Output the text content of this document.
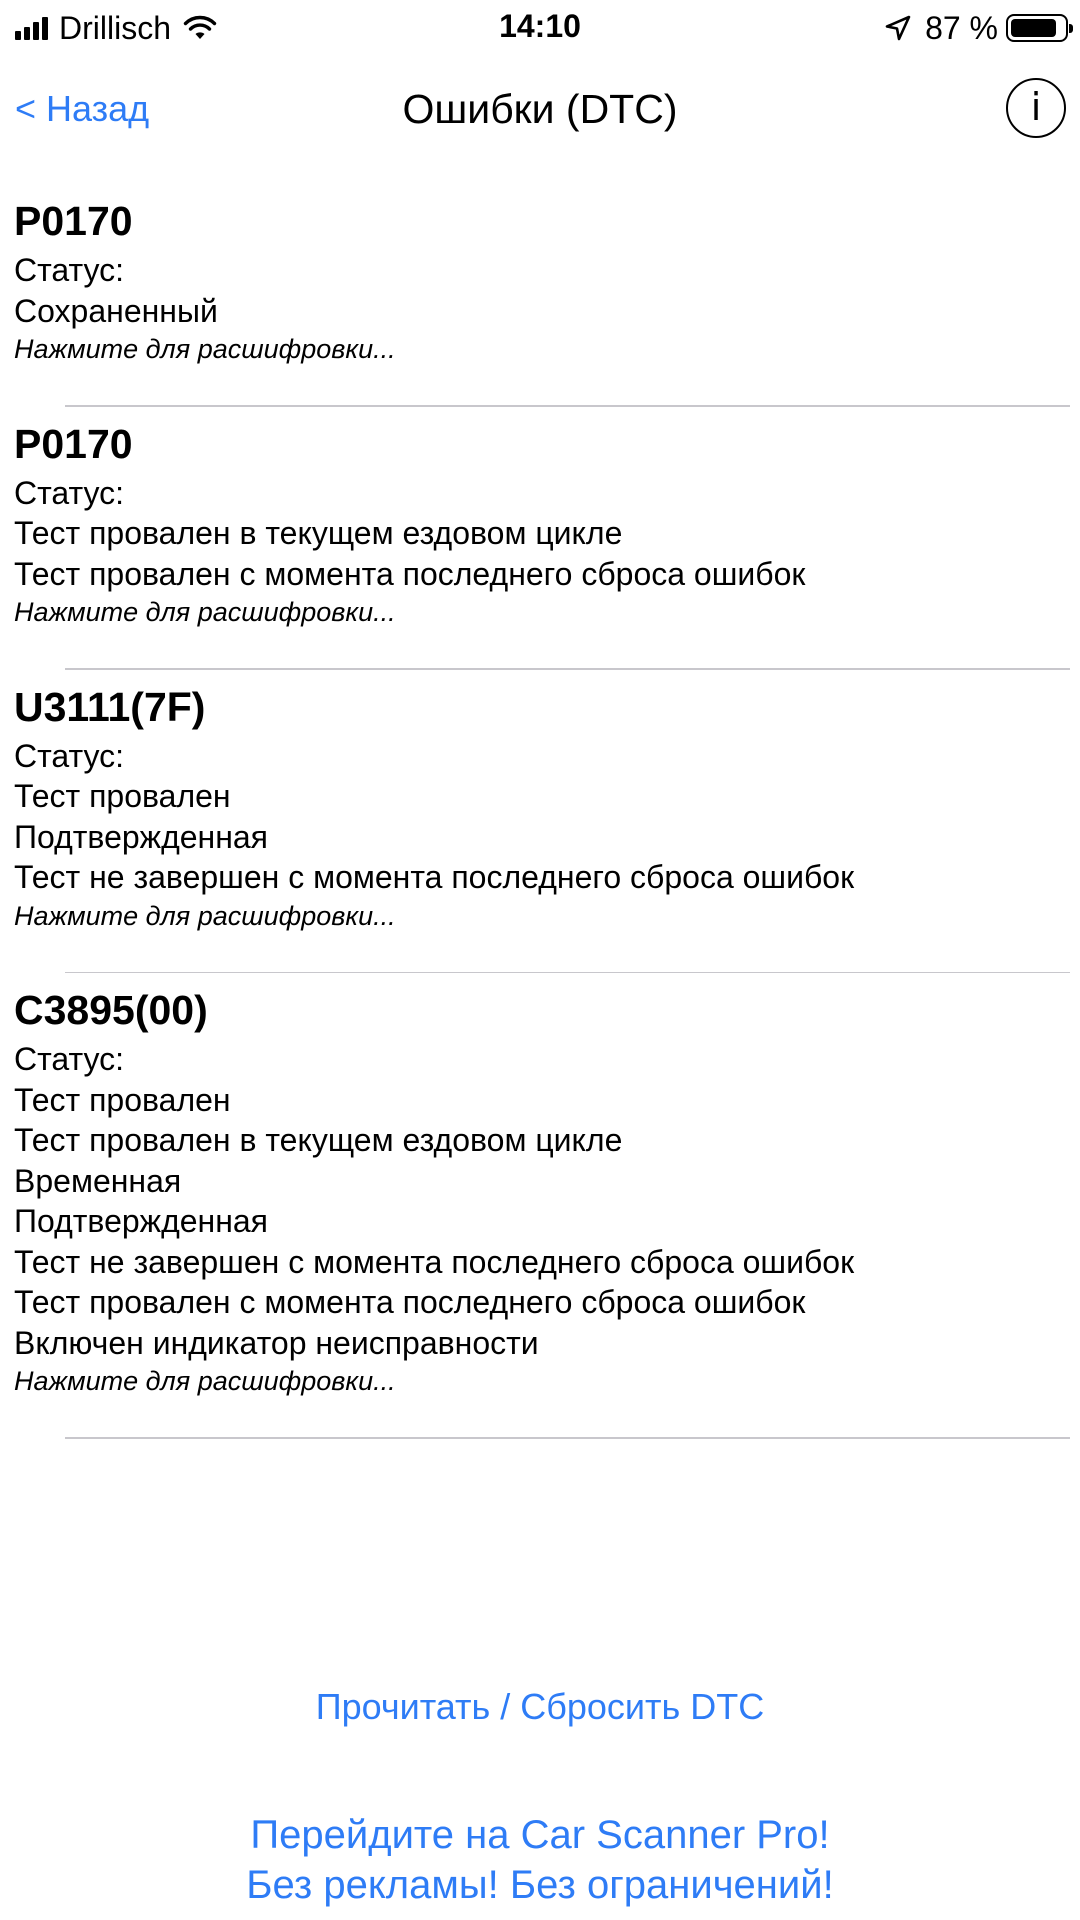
Drillisch	14:10	87 %
< Назад	Ошибки (DTC)	i
P0170
Статус:
Сохраненный
Нажмите для расшифровки...
P0170
Статус:
Тест провален в текущем ездовом цикле
Тест провален с момента последнего сброса ошибок
Нажмите для расшифровки...
U3111(7F)
Статус:
Тест провален
Подтвержденная
Тест не завершен с момента последнего сброса ошибок
Нажмите для расшифровки...
C3895(00)
Статус:
Тест провален
Тест провален в текущем ездовом цикле
Временная
Подтвержденная
Тест не завершен с момента последнего сброса ошибок
Тест провален с момента последнего сброса ошибок
Включен индикатор неисправности
Нажмите для расшифровки...
Прочитать / Сбросить DTC
Перейдите на Car Scanner Pro!
Без рекламы! Без ограничений!
